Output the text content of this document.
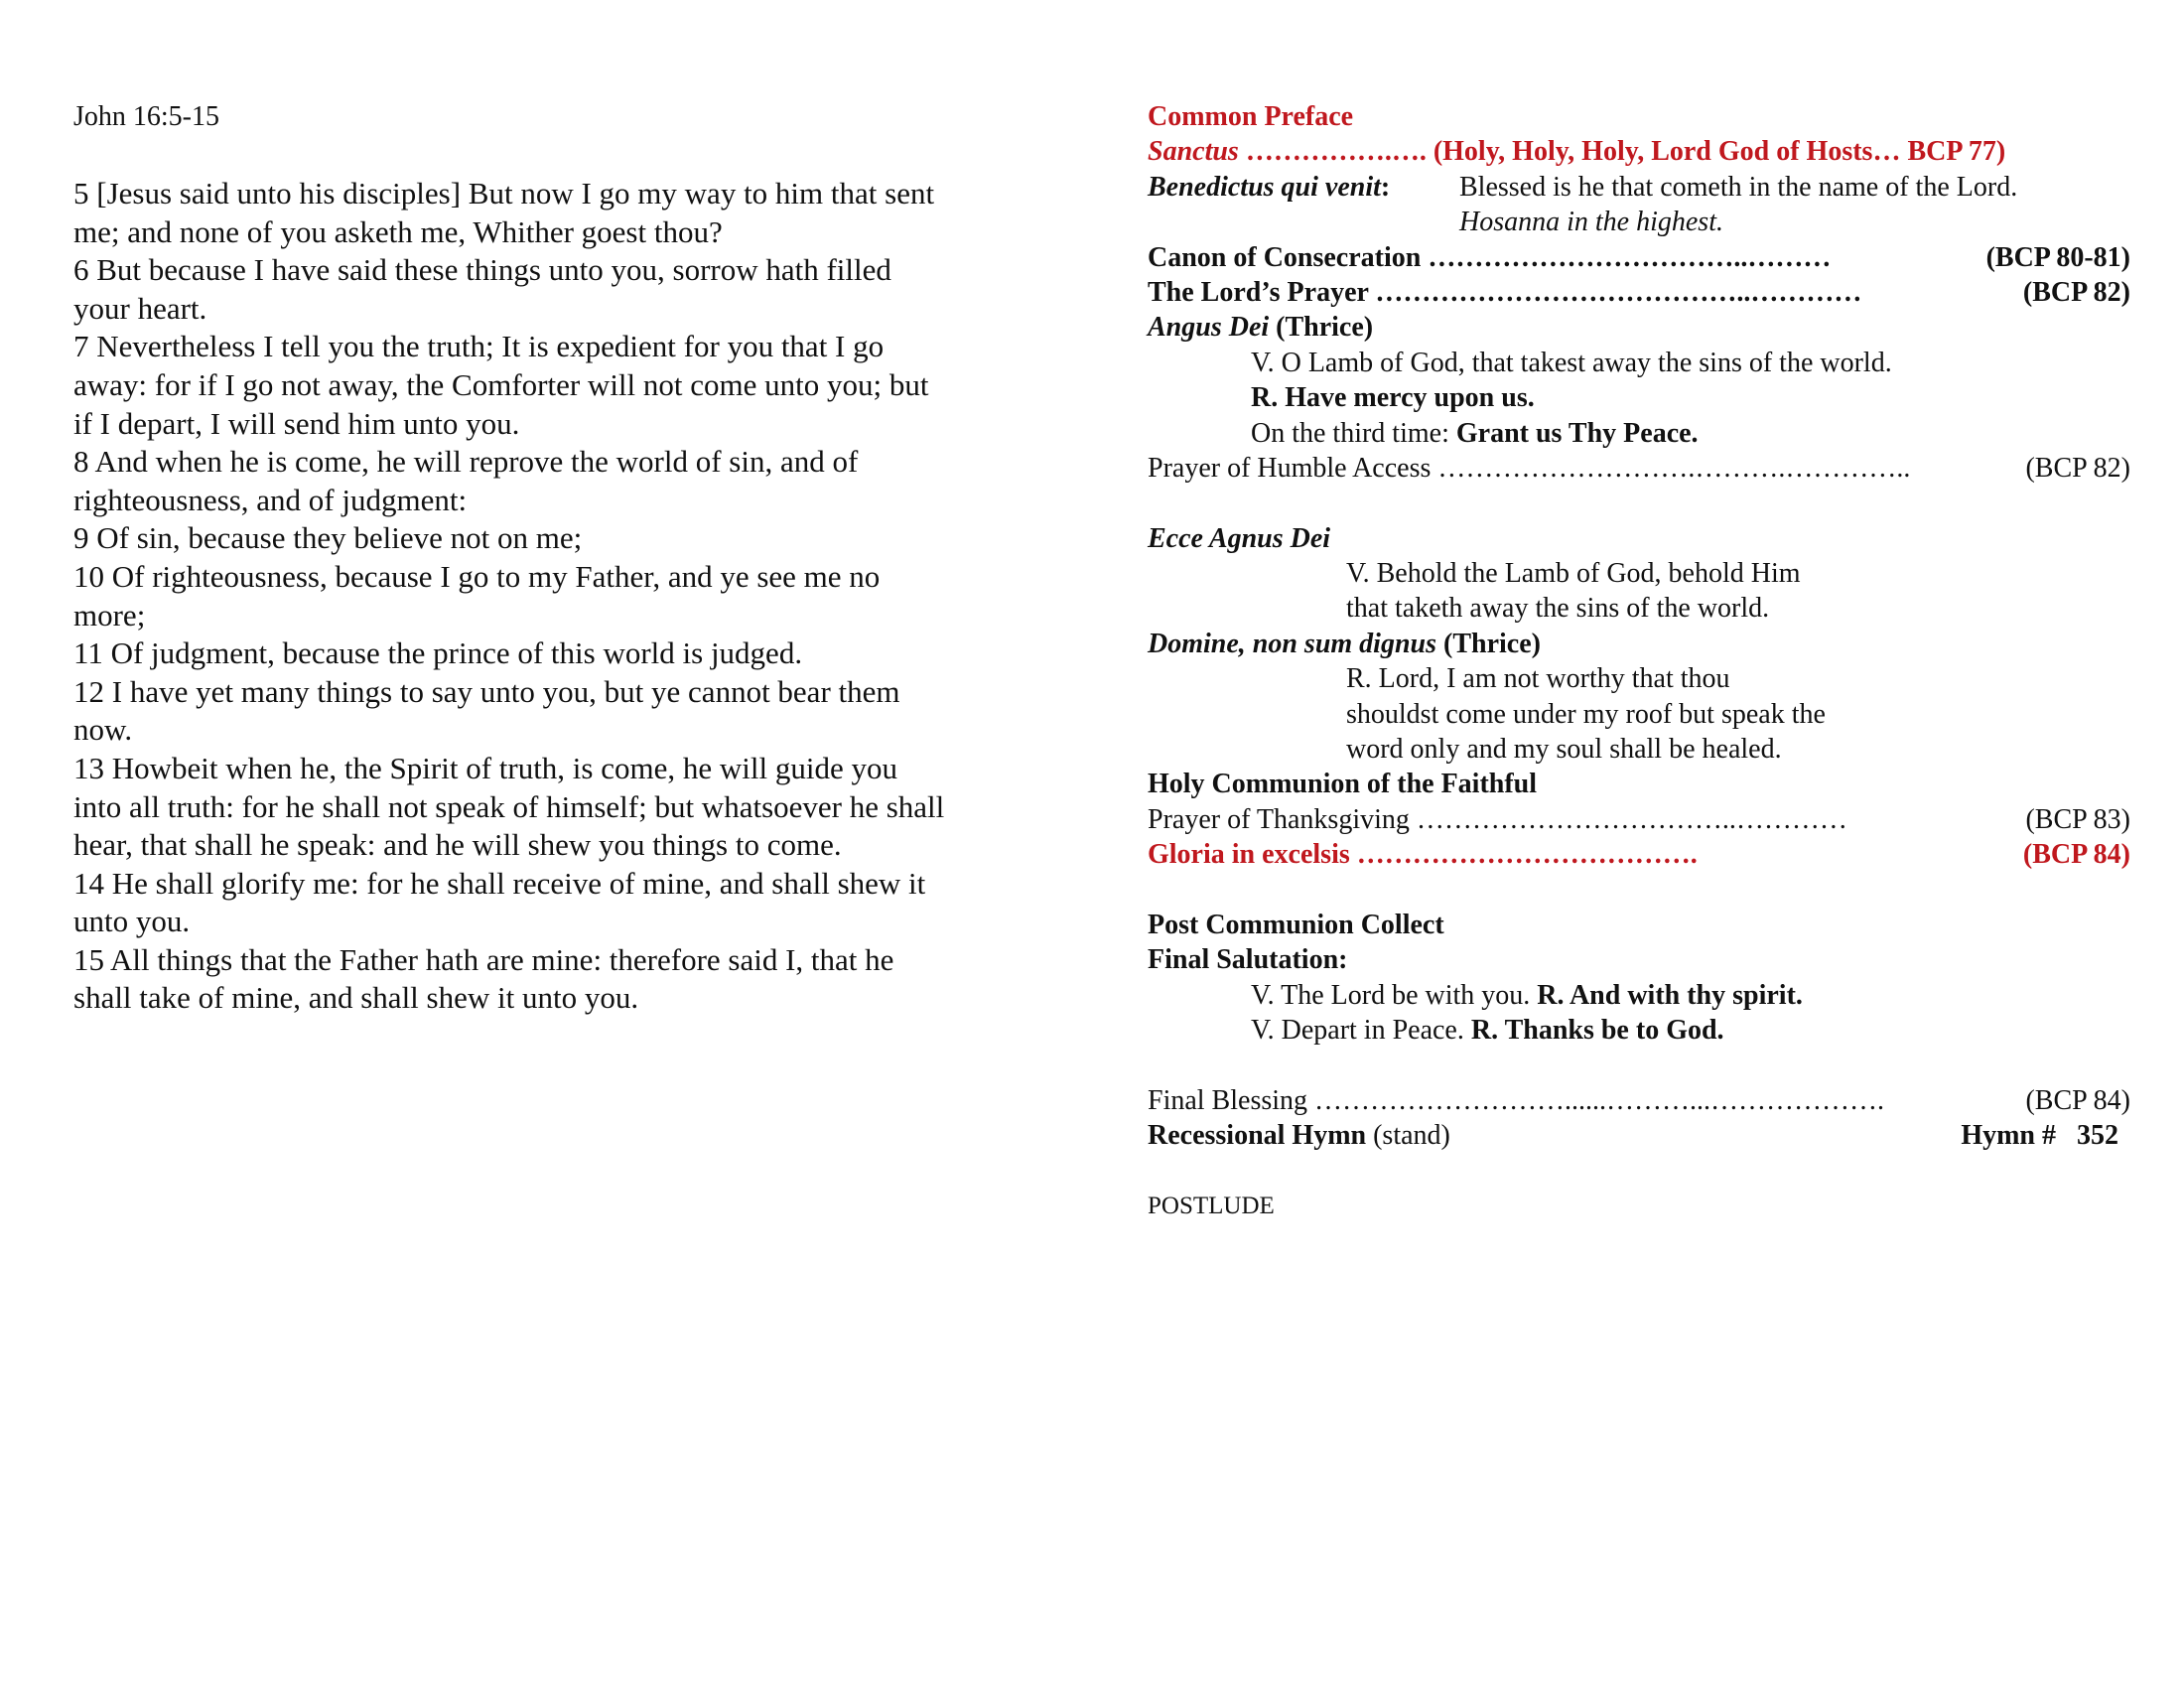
John 16:5-15
5 [Jesus said unto his disciples] But now I go my way to him that sent
me; and none of you asketh me, Whither goest thou?
6 But because I have said these things unto you, sorrow hath filled
your heart.
7 Nevertheless I tell you the truth; It is expedient for you that I go
away: for if I go not away, the Comforter will not come unto you; but
if I depart, I will send him unto you.
8 And when he is come, he will reprove the world of sin, and of
righteousness, and of judgment:
9 Of sin, because they believe not on me;
10 Of righteousness, because I go to my Father, and ye see me no
more;
11 Of judgment, because the prince of this world is judged.
12 I have yet many things to say unto you, but ye cannot bear them
now.
13 Howbeit when he, the Spirit of truth, is come, he will guide you
into all truth: for he shall not speak of himself; but whatsoever he shall
hear, that shall he speak: and he will shew you things to come.
14 He shall glorify me: for he shall receive of mine, and shall shew it
unto you.
15 All things that the Father hath are mine: therefore said I, that he
shall take of mine, and shall shew it unto you.
Common Preface
Sanctus …………….…. (Holy, Holy, Holy, Lord God of Hosts… BCP 77)
Benedictus qui venit: Blessed is he that cometh in the name of the Lord.
Hosanna in the highest.
Canon of Consecration ……………………………..………	(BCP 80-81)
The Lord’s Prayer …………………………………..…………	(BCP 82)
Angus Dei (Thrice)
V. O Lamb of God, that takest away the sins of the world.
R. Have mercy upon us.
On the third time: Grant us Thy Peace.
Prayer of Humble Access ……………………….……….…………..	(BCP 82)
Ecce Agnus Dei
V. Behold the Lamb of God, behold Him
that taketh away the sins of the world.
Domine, non sum dignus (Thrice)
R. Lord, I am not worthy that thou
shouldst come under my roof but speak the
word only and my soul shall be healed.
Holy Communion of the Faithful
Prayer of Thanksgiving ……………………………..…………	(BCP 83)
Gloria in excelsis ……………………………….	(BCP 84)
Post Communion Collect
Final Salutation:
V. The Lord be with you. R. And with thy spirit.
V. Depart in Peace. R. Thanks be to God.
Final Blessing ………………………......………...……………….	(BCP 84)
Recessional Hymn (stand)	Hymn # 352
POSTLUDE
